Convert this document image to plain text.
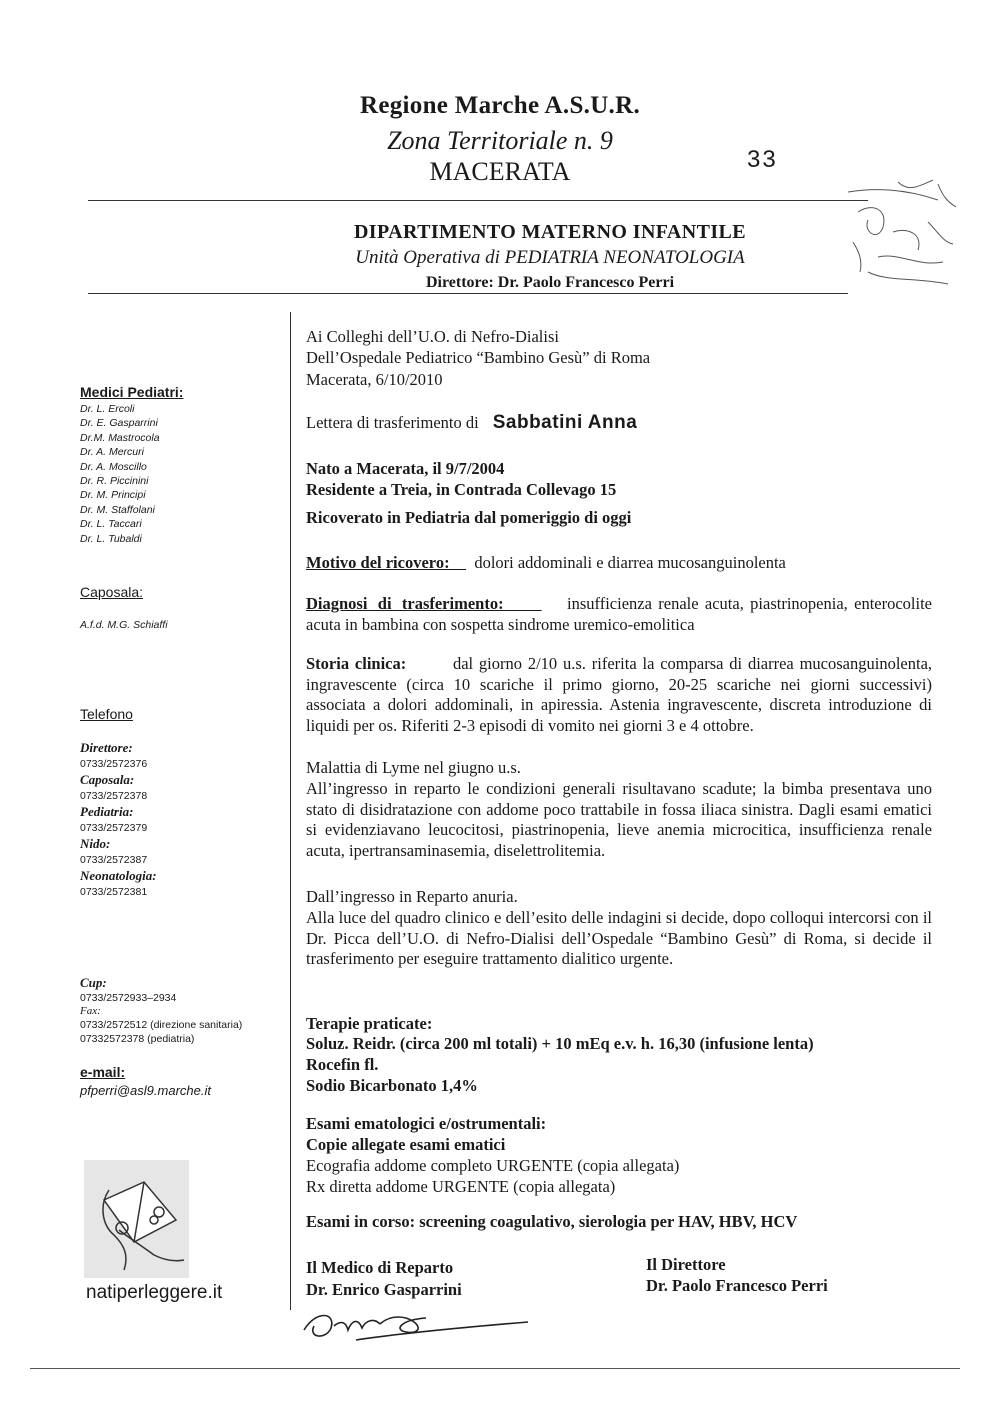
Regione Marche A.S.U.R.
Zona Territoriale n. 9
MACERATA	33
DIPARTIMENTO MATERNO INFANTILE
Unità Operativa di PEDIATRIA NEONATOLOGIA
Direttore: Dr. Paolo Francesco Perri
Medici Pediatri:
Dr. L. Ercoli
Dr. E. Gasparrini
Dr.M. Mastrocola
Dr. A. Mercuri
Dr. A. Moscillo
Dr. R. Piccinini
Dr. M. Principi
Dr. M. Staffolani
Dr. L. Taccari
Dr. L. Tubaldi
Caposala:
A.f.d. M.G. Schiaffi
Telefono
Direttore:
0733/2572376
Caposala:
0733/2572378
Pediatria:
0733/2572379
Nido:
0733/2572387
Neonatologia:
0733/2572381
Cup:
0733/2572933–2934
Fax:
0733/2572512 (direzione sanitaria)
07332572378 (pediatria)
e-mail:
pfperri@asl9.marche.it
natiperleggere.it
Ai Colleghi dell’U.O. di Nefro-Dialisi
Dell’Ospedale Pediatrico “Bambino Gesù” di Roma
Macerata, 6/10/2010
Lettera di trasferimento di Sabbatini Anna
Nato a Macerata, il 9/7/2004
Residente a Treia, in Contrada Collevago 15
Ricoverato in Pediatria dal pomeriggio di oggi
Motivo del ricovero: dolori addominali e diarrea mucosanguinolenta
Diagnosi di trasferimento:	insufficienza renale acuta, piastrinopenia, enterocolite acuta in bambina con sospetta sindrome uremico-emolitica
Storia clinica:	dal giorno 2/10 u.s. riferita la comparsa di diarrea mucosanguinolenta, ingravescente (circa 10 scariche il primo giorno, 20-25 scariche nei giorni successivi) associata a dolori addominali, in apiressia. Astenia ingravescente, discreta introduzione di liquidi per os. Riferiti 2-3 episodi di vomito nei giorni 3 e 4 ottobre.
Malattia di Lyme nel giugno u.s.
All’ingresso in reparto le condizioni generali risultavano scadute; la bimba presentava uno stato di disidratazione con addome poco trattabile in fossa iliaca sinistra. Dagli esami ematici si evidenziavano leucocitosi, piastrinopenia, lieve anemia microcitica, insufficienza renale acuta, ipertransaminasemia, diselettrolitemia.
Dall’ingresso in Reparto anuria.
Alla luce del quadro clinico e dell’esito delle indagini si decide, dopo colloqui intercorsi con il Dr. Picca dell’U.O. di Nefro-Dialisi dell’Ospedale “Bambino Gesù” di Roma, si decide il trasferimento per eseguire trattamento dialitico urgente.
Terapie praticate:
Soluz. Reidr. (circa 200 ml totali) + 10 mEq e.v. h. 16,30 (infusione lenta)
Rocefin fl.
Sodio Bicarbonato 1,4%
Esami ematologici e/ostrumentali:
Copie allegate esami ematici
Ecografia addome completo URGENTE (copia allegata)
Rx diretta addome URGENTE (copia allegata)
Esami in corso: screening coagulativo, sierologia per HAV, HBV, HCV
Il Medico di Reparto
Dr. Enrico Gasparrini
Il Direttore
Dr. Paolo Francesco Perri
